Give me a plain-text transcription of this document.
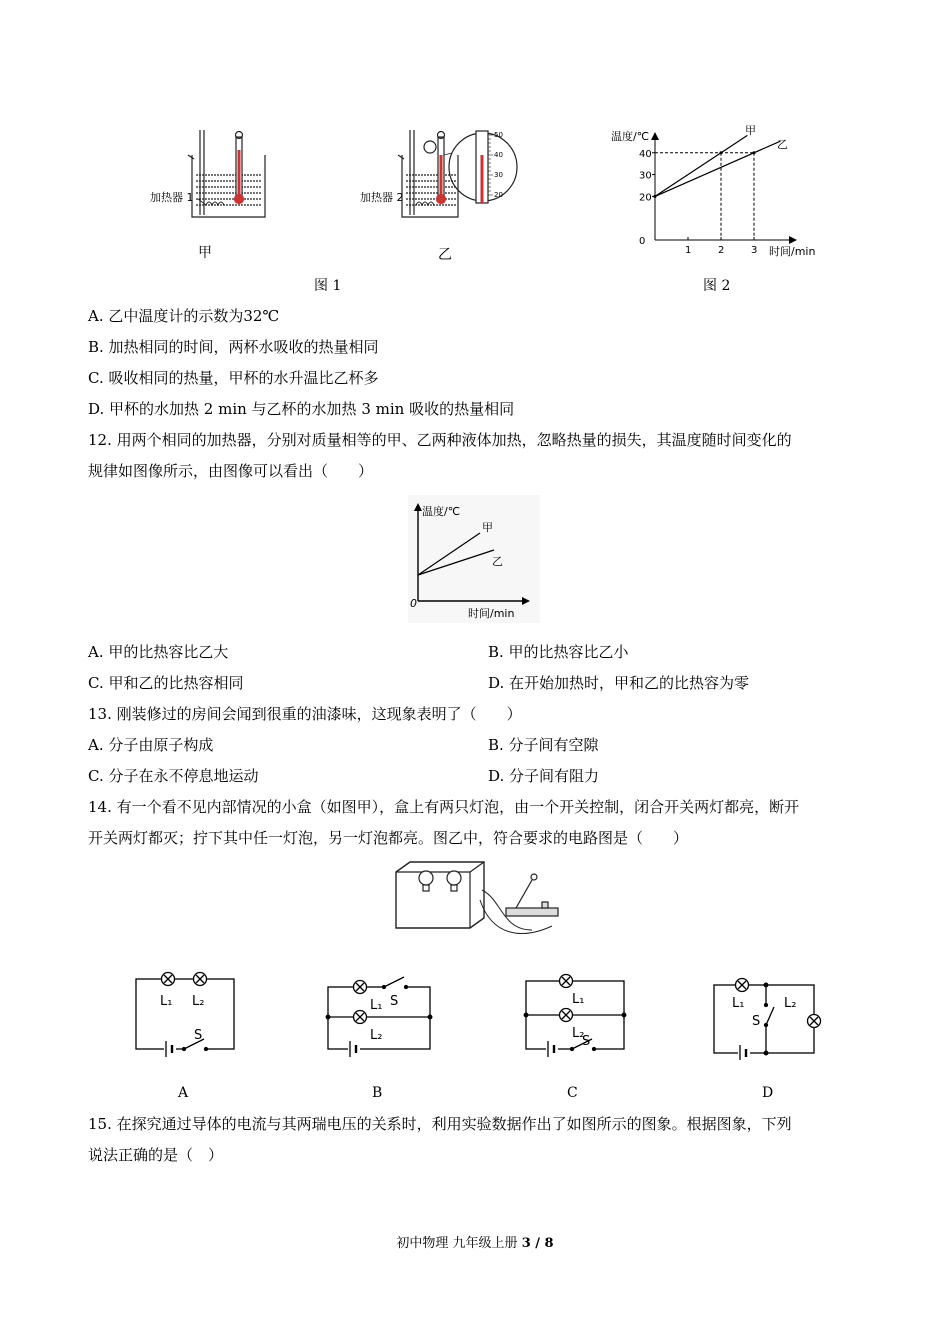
加热器 1
甲
50
40
30
20
加热器 2
乙
图 1
温度/℃
时间/min
0
20
30
40
1	2	3
甲
乙
图 2
A. 乙中温度计的示数为32℃
B. 加热相同的时间，两杯水吸收的热量相同
C. 吸收相同的热量，甲杯的水升温比乙杯多
D. 甲杯的水加热 2 min 与乙杯的水加热 3 min 吸收的热量相同
12. 用两个相同的加热器，分别对质量相等的甲、乙两种液体加热，忽略热量的损失，其温度随时间变化的
规律如图像所示，由图像可以看出（　　）
温度/℃
甲
乙
0
时间/min
A. 甲的比热容比乙大	B. 甲的比热容比乙小
C. 甲和乙的比热容相同	D. 在开始加热时，甲和乙的比热容为零
13. 刚装修过的房间会闻到很重的油漆味，这现象表明了（　　）
A. 分子由原子构成	B. 分子间有空隙
C. 分子在永不停息地运动	D. 分子间有阻力
14. 有一个看不见内部情况的小盒（如图甲），盒上有两只灯泡，由一个开关控制，闭合开关两灯都亮，断开
开关两灯都灭；拧下其中任一灯泡，另一灯泡都亮。图乙中，符合要求的电路图是（　　）
L₁ L₂
S
L₁ S
L₂
L₁
L₂
S
L₁
S
L₂
A	B	C	D
15. 在探究通过导体的电流与其两瑞电压的关系时，利用实验数据作出了如图所示的图象。根据图象，下列
说法正确的是（　）
初中物理 九年级上册 3 / 8
